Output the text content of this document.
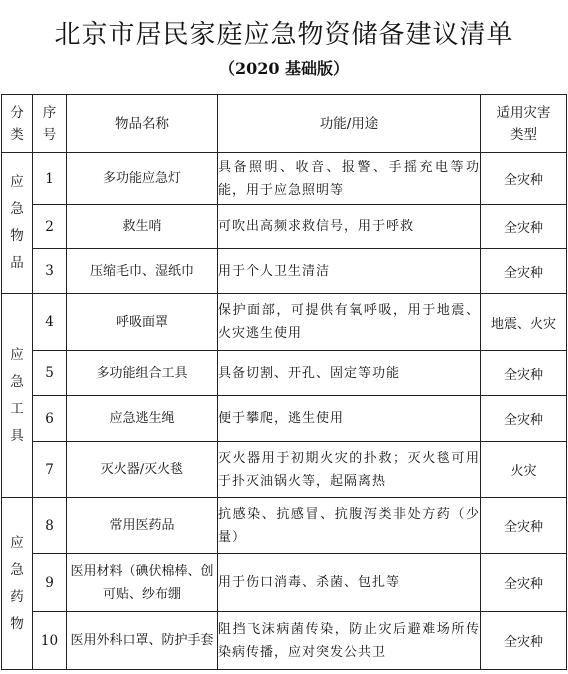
北京市居民家庭应急物资储备建议清单
（2020 基础版）
分类	序号	物品名称	功能/用途	适用灾害类型

应急物品	1	多功能应急灯	具备照明、收音、报警、手摇充电等功能，用于应急照明等	全灾种
	2	救生哨	可吹出高频求救信号，用于呼救	全灾种
	3	压缩毛巾、湿纸巾	用于个人卫生清洁	全灾种

应急工具	4	呼吸面罩	保护面部，可提供有氧呼吸，用于地震、火灾逃生使用	地震、火灾
	5	多功能组合工具	具备切割、开孔、固定等功能	全灾种
	6	应急逃生绳	便于攀爬，逃生使用	全灾种
	7	灭火器/灭火毯	灭火器用于初期火灾的扑救；灭火毯可用于扑灭油锅火等，起隔离热	火灾

应急药物	8	常用医药品	抗感染、抗感冒、抗腹泻类非处方药（少量）	全灾种
	9	医用材料（碘伏棉棒、创可贴、纱布绷	用于伤口消毒、杀菌、包扎等	全灾种
	10	医用外科口罩、防护手套	阻挡飞沫病菌传染，防止灾后避难场所传染病传播，应对突发公共卫	全灾种
